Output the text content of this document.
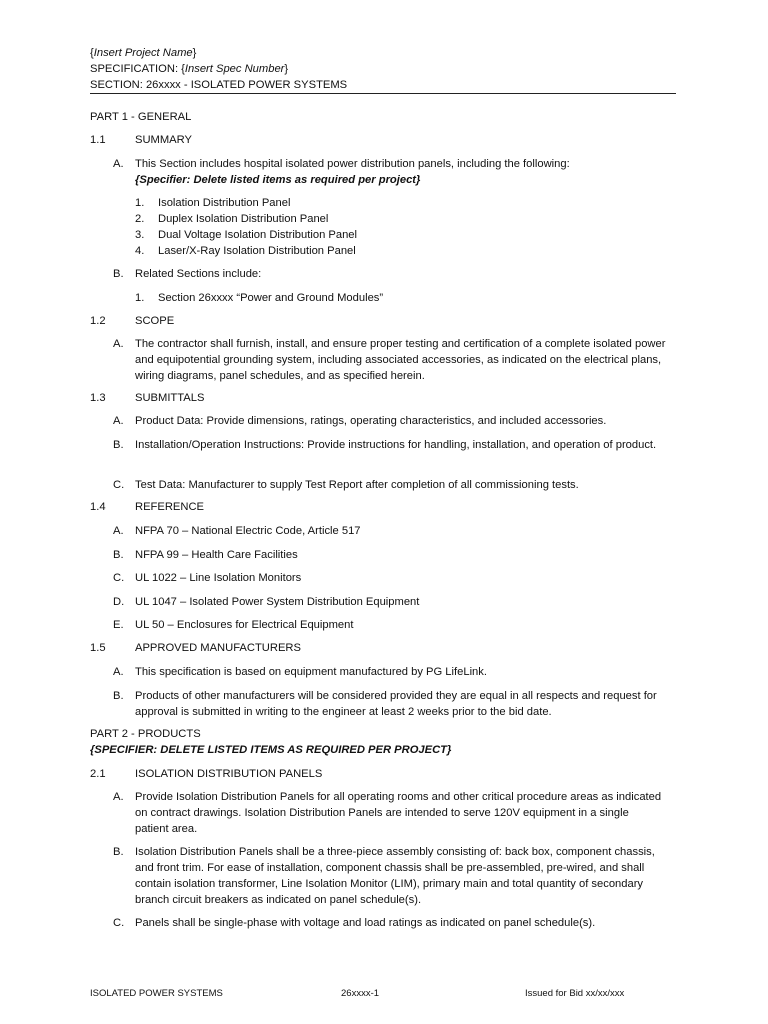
{Insert Project Name}
SPECIFICATION: {Insert Spec Number}
SECTION: 26xxxx - ISOLATED POWER SYSTEMS
PART 1 - GENERAL
1.1	SUMMARY
A. This Section includes hospital isolated power distribution panels, including the following:
{Specifier: Delete listed items as required per project}
1. Isolation Distribution Panel
2. Duplex Isolation Distribution Panel
3. Dual Voltage Isolation Distribution Panel
4. Laser/X-Ray Isolation Distribution Panel
B. Related Sections include:
1. Section 26xxxx “Power and Ground Modules”
1.2	SCOPE
A. The contractor shall furnish, install, and ensure proper testing and certification of a complete isolated power and equipotential grounding system, including associated accessories, as indicated on the electrical plans, wiring diagrams, panel schedules, and as specified herein.
1.3	SUBMITTALS
A. Product Data: Provide dimensions, ratings, operating characteristics, and included accessories.
B. Installation/Operation Instructions: Provide instructions for handling, installation, and operation of product.
C. Test Data: Manufacturer to supply Test Report after completion of all commissioning tests.
1.4	REFERENCE
A. NFPA 70 – National Electric Code, Article 517
B. NFPA 99 – Health Care Facilities
C. UL 1022 – Line Isolation Monitors
D. UL 1047 – Isolated Power System Distribution Equipment
E. UL 50 – Enclosures for Electrical Equipment
1.5	APPROVED MANUFACTURERS
A. This specification is based on equipment manufactured by PG LifeLink.
B. Products of other manufacturers will be considered provided they are equal in all respects and request for approval is submitted in writing to the engineer at least 2 weeks prior to the bid date.
PART 2 - PRODUCTS
{SPECIFIER: DELETE LISTED ITEMS AS REQUIRED PER PROJECT}
2.1	ISOLATION DISTRIBUTION PANELS
A. Provide Isolation Distribution Panels for all operating rooms and other critical procedure areas as indicated on contract drawings. Isolation Distribution Panels are intended to serve 120V equipment in a single patient area.
B. Isolation Distribution Panels shall be a three-piece assembly consisting of: back box, component chassis, and front trim. For ease of installation, component chassis shall be pre-assembled, pre-wired, and shall contain isolation transformer, Line Isolation Monitor (LIM), primary main and total quantity of secondary branch circuit breakers as indicated on panel schedule(s).
C. Panels shall be single-phase with voltage and load ratings as indicated on panel schedule(s).
ISOLATED POWER SYSTEMS	26xxxx-1	Issued for Bid xx/xx/xxx
